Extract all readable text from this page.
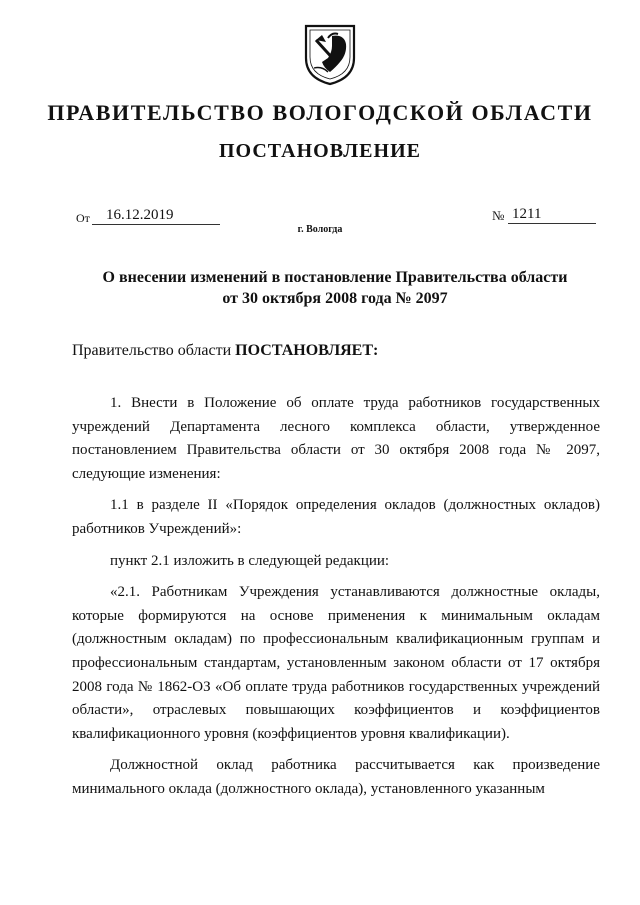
ПРАВИТЕЛЬСТВО ВОЛОГОДСКОЙ ОБЛАСТИ
ПОСТАНОВЛЕНИЕ
От	16.12.2019	№ 1211
г. Вологда
О внесении изменений в постановление Правительства области
от 30 октября 2008 года № 2097
Правительство области ПОСТАНОВЛЯЕТ:

1. Внести в Положение об оплате труда работников государственных учреждений Департамента лесного комплекса области, утвержденное постановлением Правительства области от 30 октября 2008 года № 2097, следующие изменения:

1.1 в разделе II «Порядок определения окладов (должностных окладов) работников Учреждений»:

пункт 2.1 изложить в следующей редакции:

«2.1. Работникам Учреждения устанавливаются должностные оклады, которые формируются на основе применения к минимальным окладам (должностным окладам) по профессиональным квалификационным группам и профессиональным стандартам, установленным законом области от 17 октября 2008 года № 1862-ОЗ «Об оплате труда работников государственных учреждений области», отраслевых повышающих коэффициентов и коэффициентов квалификационного уровня (коэффициентов уровня квалификации).

Должностной оклад работника рассчитывается как произведение минимального оклада (должностного оклада), установленного указанным
